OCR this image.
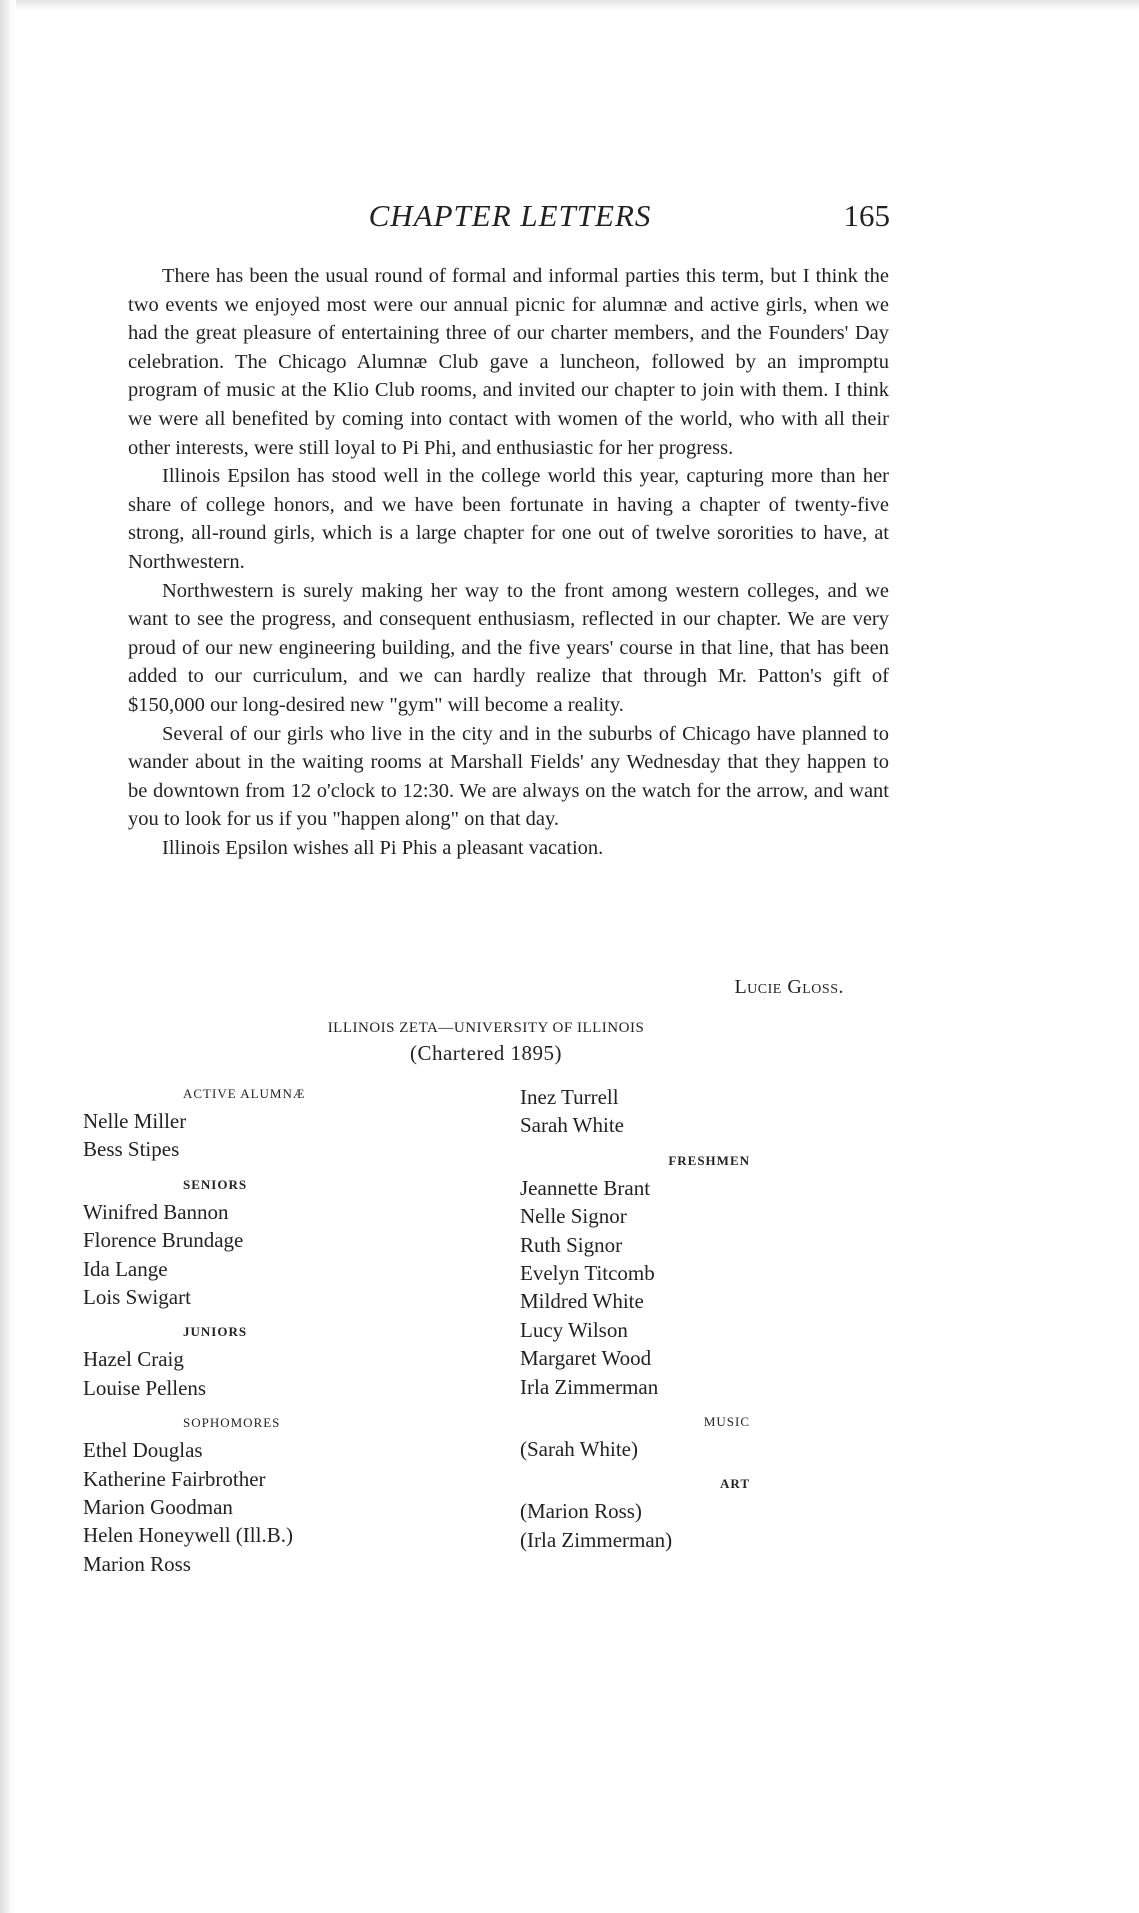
CHAPTER LETTERS	165

There has been the usual round of formal and informal parties this term, but I think the two events we enjoyed most were our annual picnic for alumnæ and active girls, when we had the great pleasure of entertaining three of our charter members, and the Founders' Day celebration. The Chicago Alumnæ Club gave a luncheon, followed by an impromptu program of music at the Klio Club rooms, and invited our chapter to join with them. I think we were all benefited by coming into contact with women of the world, who with all their other interests, were still loyal to Pi Phi, and enthusiastic for her progress.

Illinois Epsilon has stood well in the college world this year, capturing more than her share of college honors, and we have been fortunate in having a chapter of twenty-five strong, all-round girls, which is a large chapter for one out of twelve sororities to have, at Northwestern.

Northwestern is surely making her way to the front among western colleges, and we want to see the progress, and consequent enthusiasm, reflected in our chapter. We are very proud of our new engineering building, and the five years' course in that line, that has been added to our curriculum, and we can hardly realize that through Mr. Patton's gift of $150,000 our long-desired new "gym" will become a reality.

Several of our girls who live in the city and in the suburbs of Chicago have planned to wander about in the waiting rooms at Marshall Fields' any Wednesday that they happen to be downtown from 12 o'clock to 12:30. We are always on the watch for the arrow, and want you to look for us if you "happen along" on that day.

Illinois Epsilon wishes all Pi Phis a pleasant vacation.

Lucie Gloss.
ILLINOIS ZETA—UNIVERSITY OF ILLINOIS
(Chartered 1895)
ACTIVE ALUMNÆ
Nelle Miller
Bess Stipes
SENIORS
Winifred Bannon
Florence Brundage
Ida Lange
Lois Swigart
JUNIORS
Hazel Craig
Louise Pellens
SOPHOMORES
Ethel Douglas
Katherine Fairbrother
Marion Goodman
Helen Honeywell (Ill.B.)
Marion Ross
Inez Turrell
Sarah White
FRESHMEN
Jeannette Brant
Nelle Signor
Ruth Signor
Evelyn Titcomb
Mildred White
Lucy Wilson
Margaret Wood
Irla Zimmerman
MUSIC
(Sarah White)
ART
(Marion Ross)
(Irla Zimmerman)
